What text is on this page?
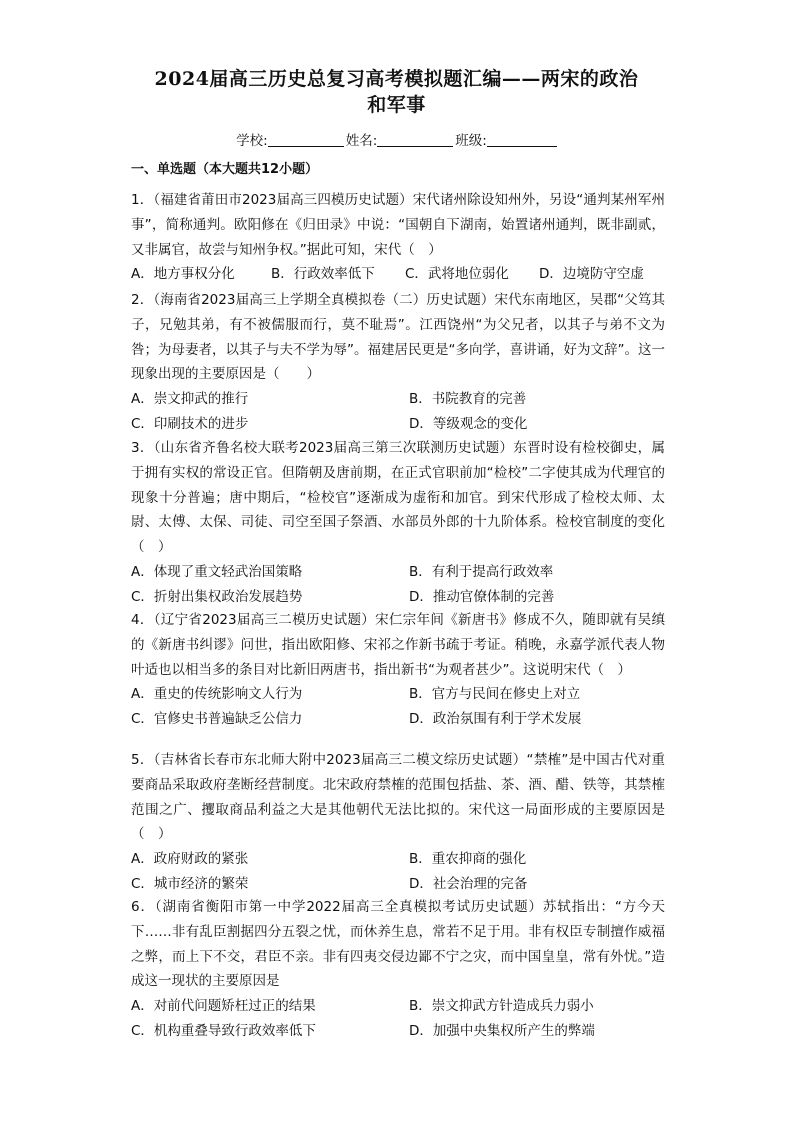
2024届高三历史总复习高考模拟题汇编——两宋的政治
和军事
学校:	姓名:	班级:
一、单选题（本大题共12小题）

1．（福建省莆田市2023届高三四模历史试题）宋代诸州除设知州外，另设“通判某州军州事”，简称通判。欧阳修在《归田录》中说：“国朝自下湖南，始置诸州通判，既非副贰，又非属官，故尝与知州争权。”据此可知，宋代（　）

A．地方事权分化	B．行政效率低下 C．武将地位弱化 D．边境防守空虚

2．（海南省2023届高三上学期全真模拟卷（二）历史试题）宋代东南地区，吴郡“父笃其子，兄勉其弟，有不被儒服而行，莫不耻焉”。江西饶州“为父兄者，以其子与弟不文为咎；为母妻者，以其子与夫不学为辱”。福建居民更是“多向学，喜讲诵，好为文辞”。这一现象出现的主要原因是（　　）

A．崇文抑武的推行	B．书院教育的完善
C．印刷技术的进步	D．等级观念的变化

3．（山东省齐鲁名校大联考2023届高三第三次联测历史试题）东晋时设有检校御史，属于拥有实权的常设正官。但隋朝及唐前期，在正式官职前加“检校”二字使其成为代理官的现象十分普遍；唐中期后，“检校官”逐渐成为虚衔和加官。到宋代形成了检校太师、太尉、太傅、太保、司徒、司空至国子祭酒、水部员外郎的十九阶体系。检校官制度的变化（　）

A．体现了重文轻武治国策略	B．有利于提高行政效率
C．折射出集权政治发展趋势	D．推动官僚体制的完善

4．（辽宁省2023届高三二模历史试题）宋仁宗年间《新唐书》修成不久，随即就有吴缜的《新唐书纠谬》问世，指出欧阳修、宋祁之作新书疏于考证。稍晚，永嘉学派代表人物叶适也以相当多的条目对比新旧两唐书，指出新书“为观者甚少”。这说明宋代（　）

A．重史的传统影响文人行为	B．官方与民间在修史上对立
C．官修史书普遍缺乏公信力	D．政治氛围有利于学术发展

5．（吉林省长春市东北师大附中2023届高三二模文综历史试题）“禁榷”是中国古代对重要商品采取政府垄断经营制度。北宋政府禁榷的范围包括盐、茶、酒、醋、铁等，其禁榷范围之广、攫取商品利益之大是其他朝代无法比拟的。宋代这一局面形成的主要原因是（　）

A．政府财政的紧张	B．重农抑商的强化
C．城市经济的繁荣	D．社会治理的完备

6．（湖南省衡阳市第一中学2022届高三全真模拟考试历史试题）苏轼指出：“方今天下……非有乱臣割据四分五裂之忧，而休养生息，常若不足于用。非有权臣专制擅作威福之弊，而上下不交，君臣不亲。非有四夷交侵边鄙不宁之灾，而中国皇皇，常有外忧。”造成这一现状的主要原因是

A．对前代问题矫枉过正的结果	B．崇文抑武方针造成兵力弱小
C．机构重叠导致行政效率低下	D．加强中央集权所产生的弊端
